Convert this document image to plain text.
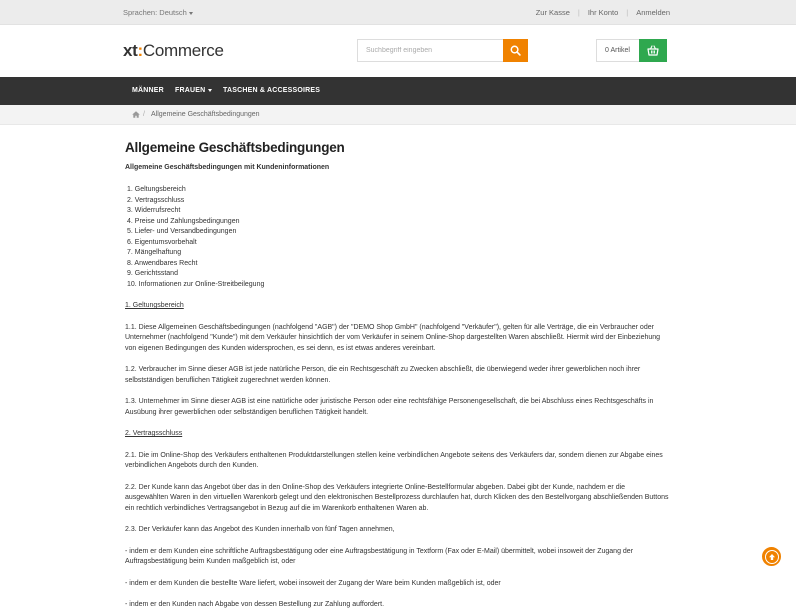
Sprachen: Deutsch	Zur Kasse | Ihr Konto | Anmelden
xt:Commerce
Suchbegriff eingeben	0 Artikel
MÄNNER FRAUEN	TASCHEN & ACCESSOIRES
/ Allgemeine Geschäftsbedingungen
Allgemeine Geschäftsbedingungen
Allgemeine Geschäftsbedingungen mit Kundeninformationen
1. Geltungsbereich
2. Vertragsschluss
3. Widerrufsrecht
4. Preise und Zahlungsbedingungen
5. Liefer- und Versandbedingungen
6. Eigentumsvorbehalt
7. Mängelhaftung
8. Anwendbares Recht
9. Gerichtsstand
10. Informationen zur Online-Streitbeilegung
1. Geltungsbereich
1.1. Diese Allgemeinen Geschäftsbedingungen (nachfolgend "AGB") der "DEMO Shop GmbH" (nachfolgend "Verkäufer"), gelten für alle Verträge, die ein Verbraucher oder Unternehmer (nachfolgend "Kunde") mit dem Verkäufer hinsichtlich der vom Verkäufer in seinem Online-Shop dargestellten Waren abschließt. Hiermit wird der Einbeziehung von eigenen Bedingungen des Kunden widersprochen, es sei denn, es ist etwas anderes vereinbart.
1.2. Verbraucher im Sinne dieser AGB ist jede natürliche Person, die ein Rechtsgeschäft zu Zwecken abschließt, die überwiegend weder ihrer gewerblichen noch ihrer selbstständigen beruflichen Tätigkeit zugerechnet werden können.
1.3. Unternehmer im Sinne dieser AGB ist eine natürliche oder juristische Person oder eine rechtsfähige Personengesellschaft, die bei Abschluss eines Rechtsgeschäfts in Ausübung ihrer gewerblichen oder selbständigen beruflichen Tätigkeit handelt.
2. Vertragsschluss
2.1. Die im Online-Shop des Verkäufers enthaltenen Produktdarstellungen stellen keine verbindlichen Angebote seitens des Verkäufers dar, sondern dienen zur Abgabe eines verbindlichen Angebots durch den Kunden.
2.2. Der Kunde kann das Angebot über das in den Online-Shop des Verkäufers integrierte Online-Bestellformular abgeben. Dabei gibt der Kunde, nachdem er die ausgewählten Waren in den virtuellen Warenkorb gelegt und den elektronischen Bestellprozess durchlaufen hat, durch Klicken des den Bestellvorgang abschließenden Buttons ein rechtlich verbindliches Vertragsangebot in Bezug auf die im Warenkorb enthaltenen Waren ab.
2.3. Der Verkäufer kann das Angebot des Kunden innerhalb von fünf Tagen annehmen,
- indem er dem Kunden eine schriftliche Auftragsbestätigung oder eine Auftragsbestätigung in Textform (Fax oder E-Mail) übermittelt, wobei insoweit der Zugang der Auftragsbestätigung beim Kunden maßgeblich ist, oder
- indem er dem Kunden die bestellte Ware liefert, wobei insoweit der Zugang der Ware beim Kunden maßgeblich ist, oder
- indem er den Kunden nach Abgabe von dessen Bestellung zur Zahlung auffordert.
